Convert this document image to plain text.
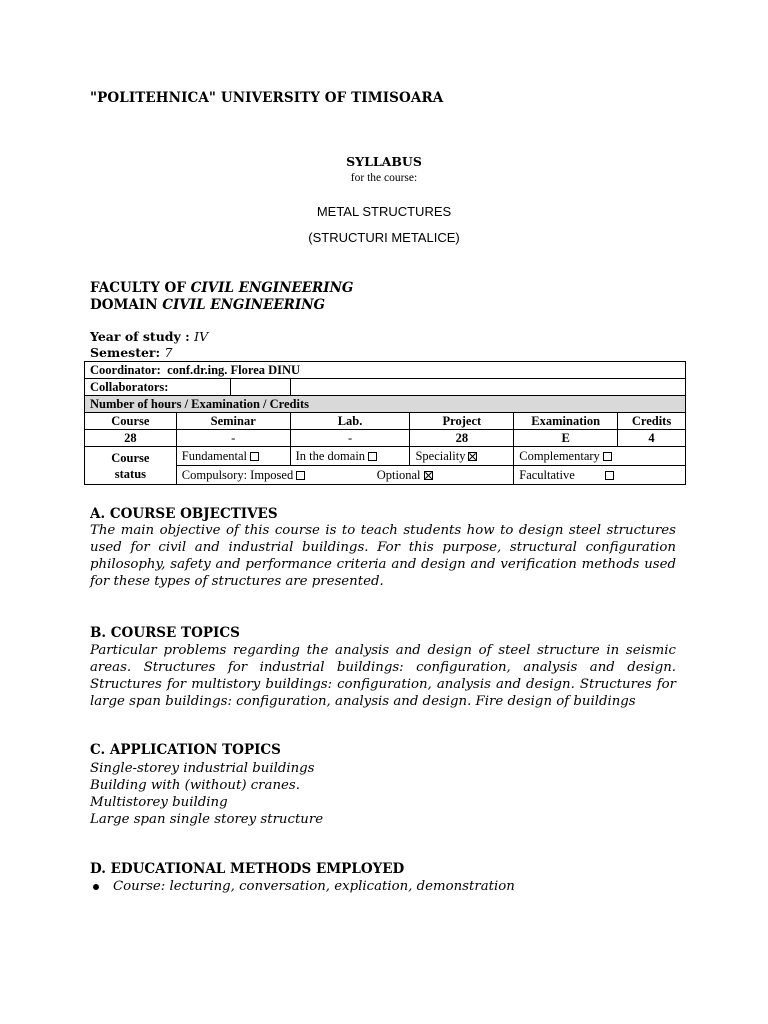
"POLITEHNICA" UNIVERSITY OF TIMISOARA
SYLLABUS
for the course:
METAL STRUCTURES
(STRUCTURI METALICE)
FACULTY OF CIVIL ENGINEERING
DOMAIN CIVIL ENGINEERING
Year of study : IV
Semester: 7
Coordinator: conf.dr.ing. Florea DINU					

Collaborators:					

Number of hours / Examination / Credits					
Course	Seminar	Lab.	Project	Examination	Credits
28	-	-	28	E	4
Course
status	Fundamental	In the domain	Speciality	Complementary	
	Compulsory: Imposed Optional			Facultative	
A. COURSE OBJECTIVES
The main objective of this course is to teach students how to design steel structures used for civil and industrial buildings. For this purpose, structural configuration philosophy, safety and performance criteria and design and verification methods used for these types of structures are presented.
B. COURSE TOPICS
Particular problems regarding the analysis and design of steel structure in seismic areas. Structures for industrial buildings: configuration, analysis and design. Structures for multistory buildings: configuration, analysis and design. Structures for large span buildings: configuration, analysis and design. Fire design of buildings
C. APPLICATION TOPICS
Single-storey industrial buildings
Building with (without) cranes.
Multistorey building
Large span single storey structure
D. EDUCATIONAL METHODS EMPLOYED
Course: lecturing, conversation, explication, demonstration
